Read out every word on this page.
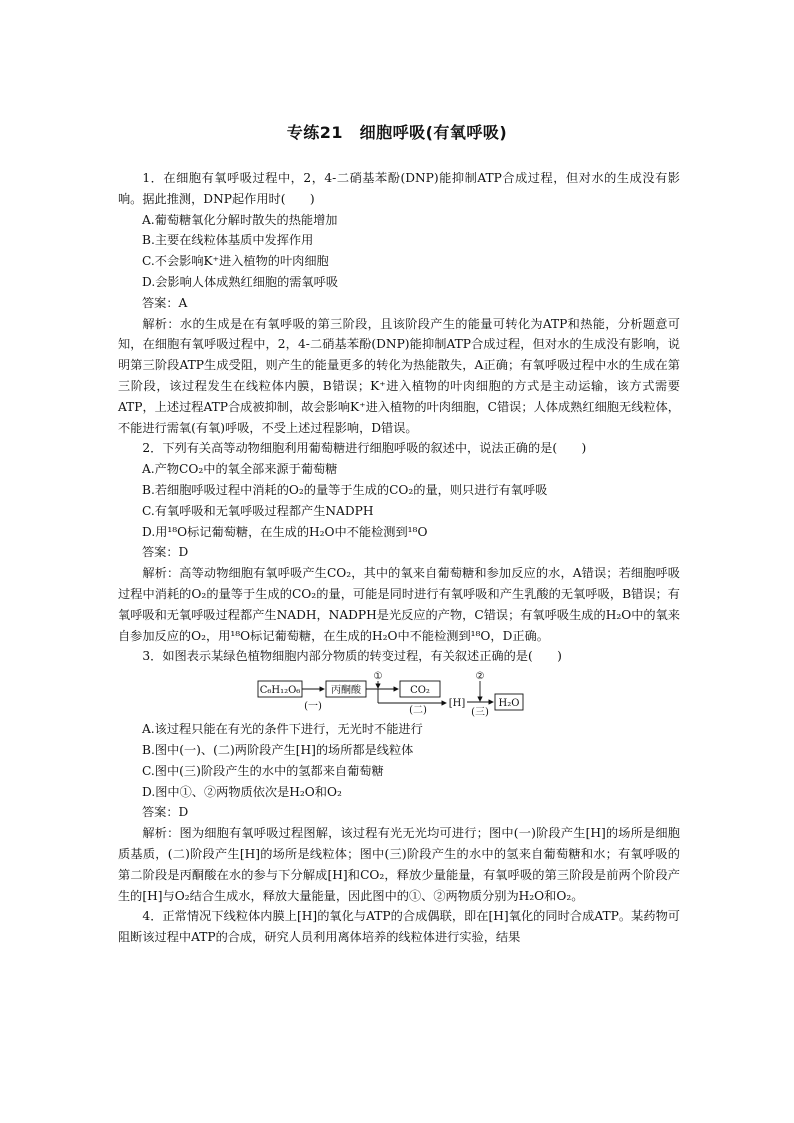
专练21　细胞呼吸(有氧呼吸)

1．在细胞有氧呼吸过程中，2，4-二硝基苯酚(DNP)能抑制ATP合成过程，但对水的生成没有影响。据此推测，DNP起作用时(　　)

A.葡萄糖氧化分解时散失的热能增加

B.主要在线粒体基质中发挥作用

C.不会影响K⁺进入植物的叶肉细胞

D.会影响人体成熟红细胞的需氧呼吸

答案：A

解析：水的生成是在有氧呼吸的第三阶段，且该阶段产生的能量可转化为ATP和热能，分析题意可知，在细胞有氧呼吸过程中，2，4-二硝基苯酚(DNP)能抑制ATP合成过程，但对水的生成没有影响，说明第三阶段ATP生成受阻，则产生的能量更多的转化为热能散失，A正确；有氧呼吸过程中水的生成在第三阶段，该过程发生在线粒体内膜，B错误；K⁺进入植物的叶肉细胞的方式是主动运输，该方式需要ATP，上述过程ATP合成被抑制，故会影响K⁺进入植物的叶肉细胞，C错误；人体成熟红细胞无线粒体，不能进行需氧(有氧)呼吸，不受上述过程影响，D错误。

2．下列有关高等动物细胞利用葡萄糖进行细胞呼吸的叙述中，说法正确的是(　　)

A.产物CO₂中的氧全部来源于葡萄糖

B.若细胞呼吸过程中消耗的O₂的量等于生成的CO₂的量，则只进行有氧呼吸

C.有氧呼吸和无氧呼吸过程都产生NADPH

D.用¹⁸O标记葡萄糖，在生成的H₂O中不能检测到¹⁸O

答案：D

解析：高等动物细胞有氧呼吸产生CO₂，其中的氧来自葡萄糖和参加反应的水，A错误；若细胞呼吸过程中消耗的O₂的量等于生成的CO₂的量，可能是同时进行有氧呼吸和产生乳酸的无氧呼吸，B错误；有氧呼吸和无氧呼吸过程都产生NADH，NADPH是光反应的产物，C错误；有氧呼吸生成的H₂O中的氧来自参加反应的O₂，用¹⁸O标记葡萄糖，在生成的H₂O中不能检测到¹⁸O，D正确。

3．如图表示某绿色植物细胞内部分物质的转变过程，有关叙述正确的是(　　)

C₆H₁₂O₆
(一)
丙酮酸
①
(二)
CO₂
[H]
②
(三)
H₂O

A.该过程只能在有光的条件下进行，无光时不能进行

B.图中(一)、(二)两阶段产生[H]的场所都是线粒体

C.图中(三)阶段产生的水中的氢都来自葡萄糖

D.图中①、②两物质依次是H₂O和O₂

答案：D

解析：图为细胞有氧呼吸过程图解，该过程有光无光均可进行；图中(一)阶段产生[H]的场所是细胞质基质，(二)阶段产生[H]的场所是线粒体；图中(三)阶段产生的水中的氢来自葡萄糖和水；有氧呼吸的第二阶段是丙酮酸在水的参与下分解成[H]和CO₂，释放少量能量，有氧呼吸的第三阶段是前两个阶段产生的[H]与O₂结合生成水，释放大量能量，因此图中的①、②两物质分别为H₂O和O₂。

4．正常情况下线粒体内膜上[H]的氧化与ATP的合成偶联，即在[H]氧化的同时合成ATP。某药物可阻断该过程中ATP的合成，研究人员利用离体培养的线粒体进行实验，结果
